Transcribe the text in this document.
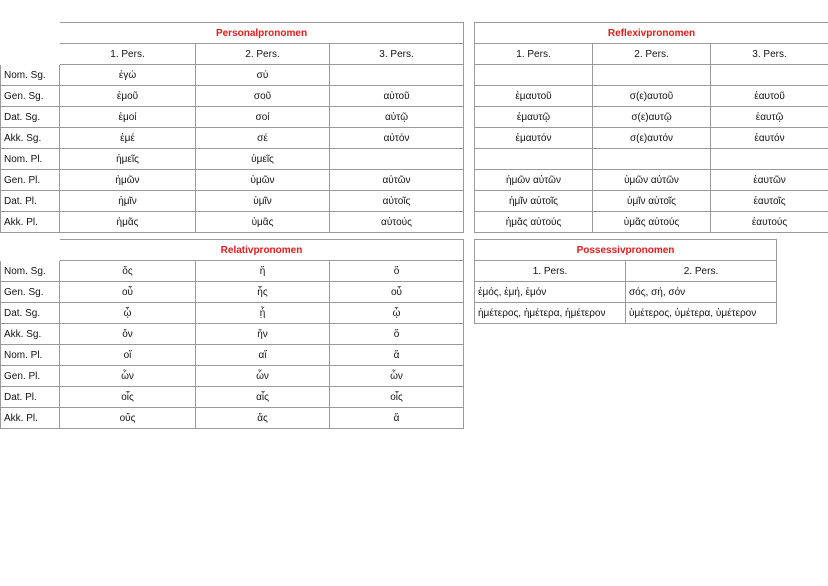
	Personalpronomen		
	1. Pers.	2. Pers.	3. Pers.
Nom. Sg.	ἐγώ	σύ	
Gen. Sg.	ἐμοῦ	σοῦ	αὐτοῦ
Dat. Sg.	ἐμοί	σοί	αὐτῷ
Akk. Sg.	ἐμέ	σέ	αὐτόν
Nom. Pl.	ἡμεῖς	ὑμεῖς	
Gen. Pl.	ἡμῶν	ὑμῶν	αὐτῶν
Dat. Pl.	ἡμῖν	ὑμῖν	αὐτοῖς
Akk. Pl.	ἡμᾶς	ὑμᾶς	αὐτούς
Reflexivpronomen		
1. Pers.	2. Pers.	3. Pers.

ἐμαυτοῦ	σ(ε)αυτοῦ	ἑαυτοῦ
ἐμαυτῷ	σ(ε)αυτῷ	ἑαυτῷ
ἐμαυτόν	σ(ε)αυτόν	ἑαυτόν

ἡμῶν αὐτῶν	ὑμῶν αὐτῶν	ἑαυτῶν
ἡμῖν αὐτοῖς	ὑμῖν αὐτοῖς	ἑαυτοῖς
ἡμᾶς αὐτούς	ὑμᾶς αὐτούς	ἑαυτούς
	Relativpronomen		
Nom. Sg.	ὅς	ἥ	ὅ
Gen. Sg.	οὗ	ἧς	οὗ
Dat. Sg.	ᾧ	ᾗ	ᾧ
Akk. Sg.	ὅν	ἥν	ὅ
Nom. Pl.	οἵ	αἵ	ἅ
Gen. Pl.	ὧν	ὧν	ὧν
Dat. Pl.	οἷς	αἷς	οἷς
Akk. Pl.	οὕς	ἅς	ἅ
Possessivpronomen	
1. Pers.	2. Pers.
ἐμός, ἐμή, ἐμόν	σός, σή, σόν
ἡμέτερος, ἡμέτερα, ἡμέτερον	ὑμέτερος, ὑμέτερα, ὑμέτερον
